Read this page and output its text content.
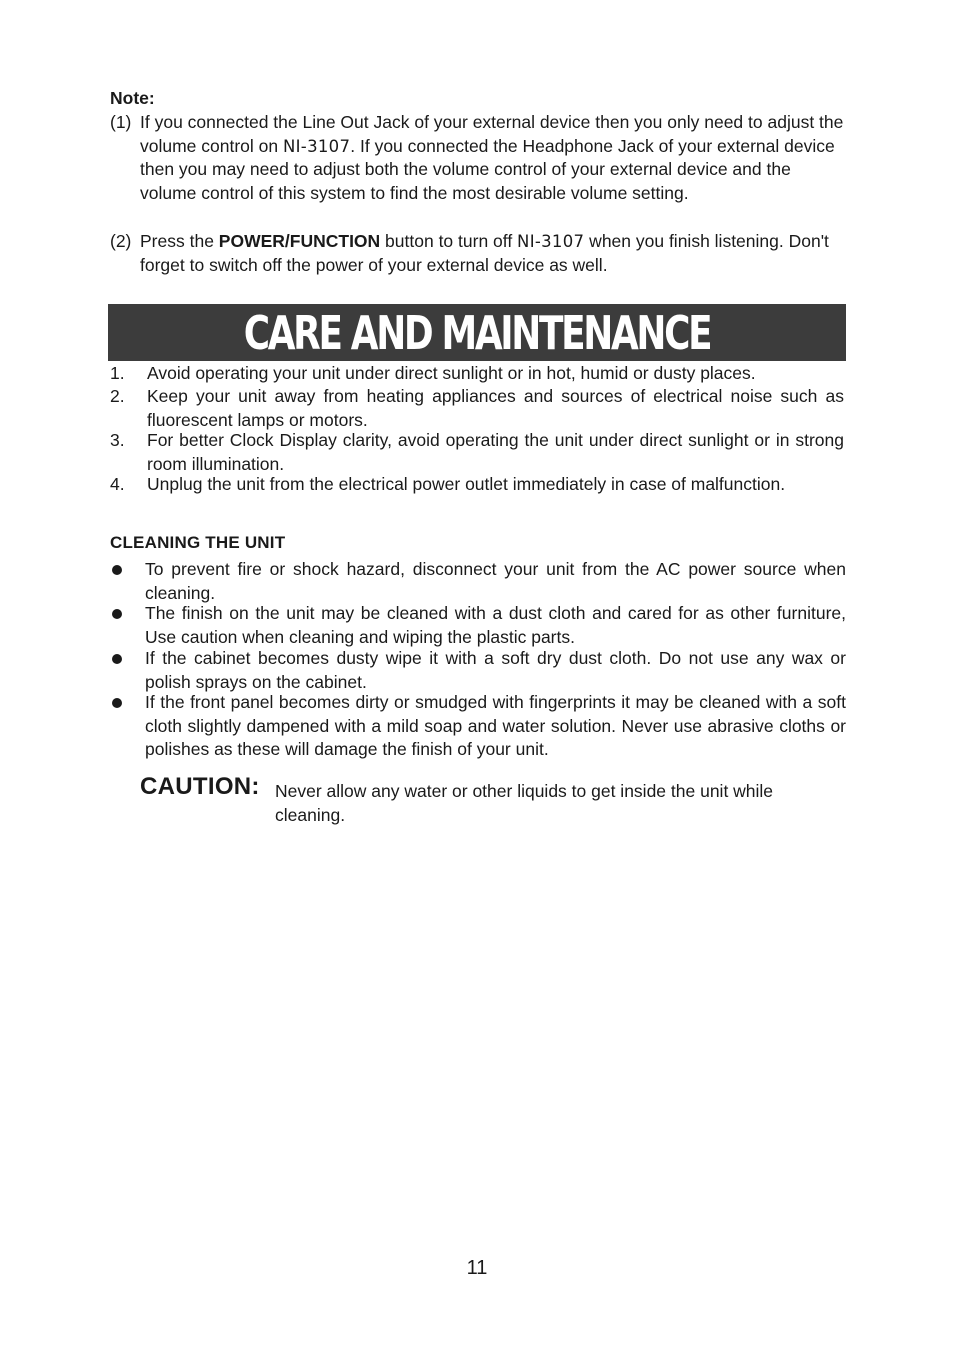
Note:
(1) If you connected the Line Out Jack of your external device then you only need to adjust the volume control on NI-3107. If you connected the Headphone Jack of your external device then you may need to adjust both the volume control of your external device and the volume control of this system to find the most desirable volume setting.
(2) Press the POWER/FUNCTION button to turn off NI-3107 when you finish listening. Don't forget to switch off the power of your external device as well.
CARE AND MAINTENANCE
1. Avoid operating your unit under direct sunlight or in hot, humid or dusty places.
2. Keep your unit away from heating appliances and sources of electrical noise such as fluorescent lamps or motors.
3. For better Clock Display clarity, avoid operating the unit under direct sunlight or in strong room illumination.
4. Unplug the unit from the electrical power outlet immediately in case of malfunction.
CLEANING THE UNIT
To prevent fire or shock hazard, disconnect your unit from the AC power source when cleaning.
The finish on the unit may be cleaned with a dust cloth and cared for as other furniture, Use caution when cleaning and wiping the plastic parts.
If the cabinet becomes dusty wipe it with a soft dry dust cloth. Do not use any wax or polish sprays on the cabinet.
If the front panel becomes dirty or smudged with fingerprints it may be cleaned with a soft cloth slightly dampened with a mild soap and water solution. Never use abrasive cloths or polishes as these will damage the finish of your unit.
CAUTION: Never allow any water or other liquids to get inside the unit while cleaning.
11
